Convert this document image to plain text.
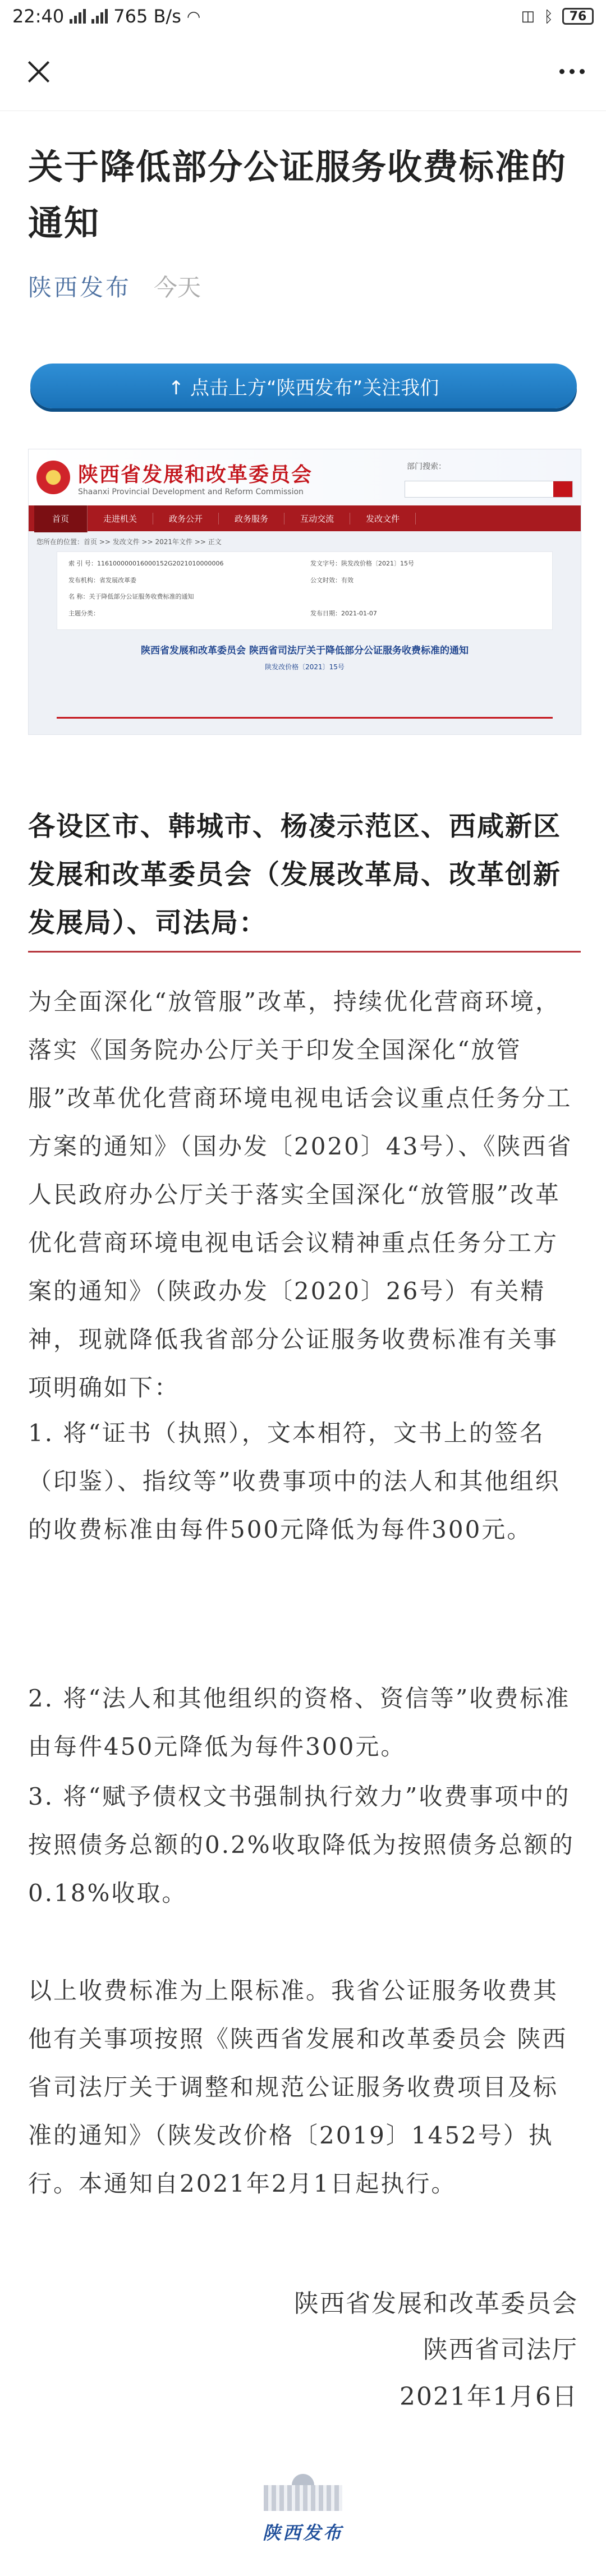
22:40	765 B/s ◠	◫ ᛒ 76
关于降低部分公证服务收费标准的通知
陕西发布 今天
↑ 点击上方“陕西发布”关注我们
陕西省发展和改革委员会
Shaanxi Provincial Development and Reform Commission
部门搜索：
首页	走进机关	政务公开	政务服务	互动交流	发改文件
您所在的位置：首页 >> 发改文件 >> 2021年文件 >> 正文
索 引 号：116100000016000152G2021010000006	发文字号：陕发改价格〔2021〕15号
发布机构：省发展改革委	公文时效：有效
名 称：关于降低部分公证服务收费标准的通知
主题分类：	发布日期：2021-01-07
陕西省发展和改革委员会 陕西省司法厅关于降低部分公证服务收费标准的通知
陕发改价格〔2021〕15号
各设区市、韩城市、杨凌示范区、西咸新区发展和改革委员会（发展改革局、改革创新发展局）、司法局：

为全面深化“放管服”改革，持续优化营商环境，落实《国务院办公厅关于印发全国深化“放管服”改革优化营商环境电视电话会议重点任务分工方案的通知》（国办发〔2020〕43号）、《陕西省人民政府办公厅关于落实全国深化“放管服”改革优化营商环境电视电话会议精神重点任务分工方案的通知》（陕政办发〔2020〕26号）有关精神，现就降低我省部分公证服务收费标准有关事项明确如下：

1. 将“证书（执照），文本相符，文书上的签名（印鉴）、指纹等”收费事项中的法人和其他组织的收费标准由每件500元降低为每件300元。

2. 将“法人和其他组织的资格、资信等”收费标准由每件450元降低为每件300元。

3. 将“赋予债权文书强制执行效力”收费事项中的按照债务总额的0.2%收取降低为按照债务总额的0.18%收取。

以上收费标准为上限标准。我省公证服务收费其他有关事项按照《陕西省发展和改革委员会 陕西省司法厅关于调整和规范公证服务收费项目及标准的通知》（陕发改价格〔2019〕1452号）执行。本通知自2021年2月1日起执行。

陕西省发展和改革委员会
陕西省司法厅
2021年1月6日
陕西发布
